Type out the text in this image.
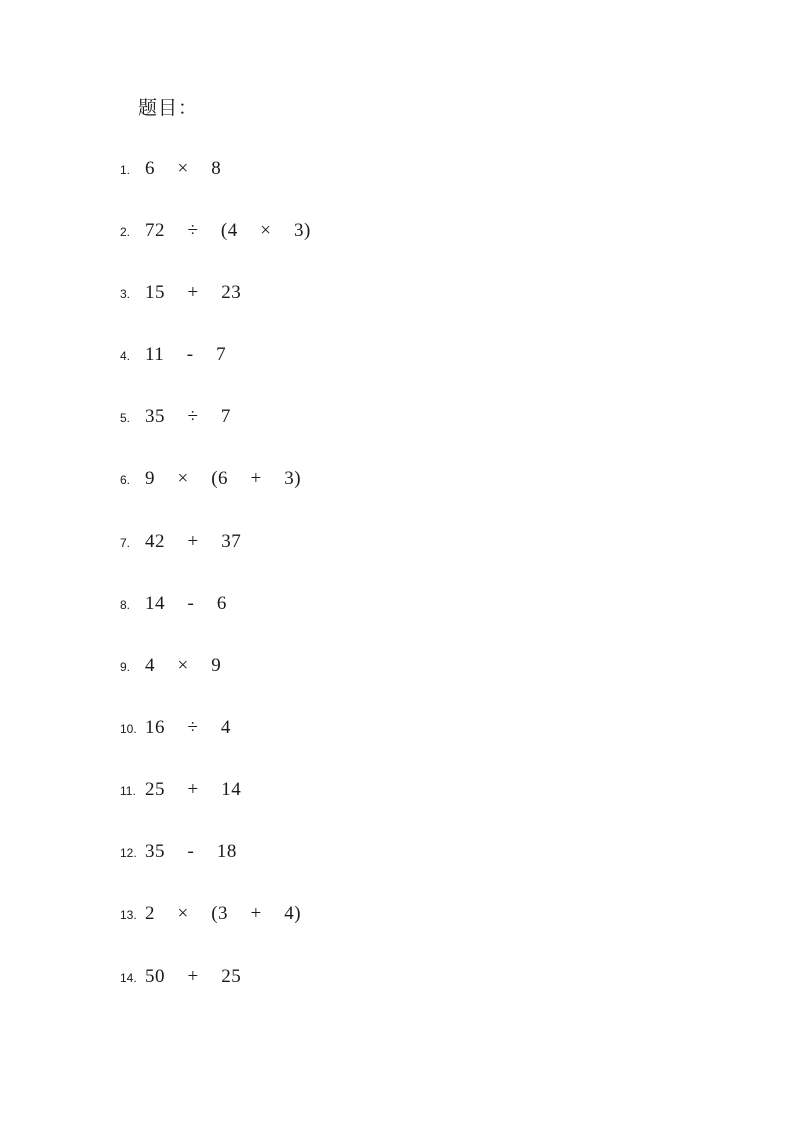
题目：
1. 6  ×  8
2. 72  ÷  (4  ×  3)
3. 15  +  23
4. 11  -  7
5. 35  ÷  7
6. 9  ×  (6  +  3)
7. 42  +  37
8. 14  -  6
9. 4  ×  9
10. 16  ÷  4
11. 25  +  14
12. 35  -  18
13. 2  ×  (3  +  4)
14. 50  +  25
